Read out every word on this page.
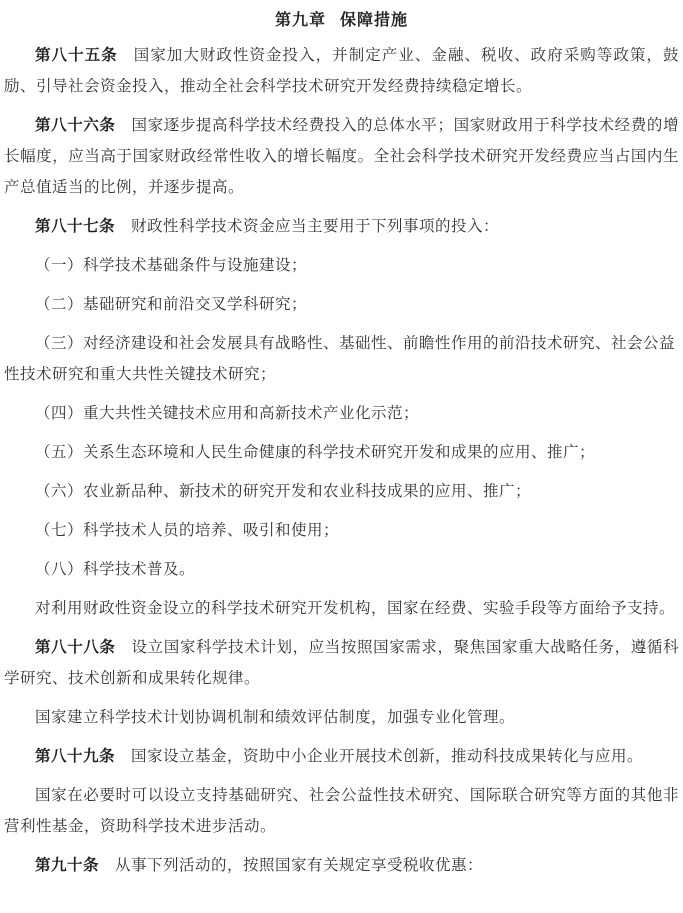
第九章 保障措施

第八十五条 国家加大财政性资金投入，并制定产业、金融、税收、政府采购等政策，鼓励、引导社会资金投入，推动全社会科学技术研究开发经费持续稳定增长。

第八十六条 国家逐步提高科学技术经费投入的总体水平；国家财政用于科学技术经费的增长幅度，应当高于国家财政经常性收入的增长幅度。全社会科学技术研究开发经费应当占国内生产总值适当的比例，并逐步提高。

第八十七条 财政性科学技术资金应当主要用于下列事项的投入：

（一）科学技术基础条件与设施建设；

（二）基础研究和前沿交叉学科研究；

（三）对经济建设和社会发展具有战略性、基础性、前瞻性作用的前沿技术研究、社会公益性技术研究和重大共性关键技术研究；

（四）重大共性关键技术应用和高新技术产业化示范；

（五）关系生态环境和人民生命健康的科学技术研究开发和成果的应用、推广；

（六）农业新品种、新技术的研究开发和农业科技成果的应用、推广；

（七）科学技术人员的培养、吸引和使用；

（八）科学技术普及。

对利用财政性资金设立的科学技术研究开发机构，国家在经费、实验手段等方面给予支持。

第八十八条 设立国家科学技术计划，应当按照国家需求，聚焦国家重大战略任务，遵循科学研究、技术创新和成果转化规律。

国家建立科学技术计划协调机制和绩效评估制度，加强专业化管理。

第八十九条 国家设立基金，资助中小企业开展技术创新，推动科技成果转化与应用。

国家在必要时可以设立支持基础研究、社会公益性技术研究、国际联合研究等方面的其他非营利性基金，资助科学技术进步活动。

第九十条 从事下列活动的，按照国家有关规定享受税收优惠：
